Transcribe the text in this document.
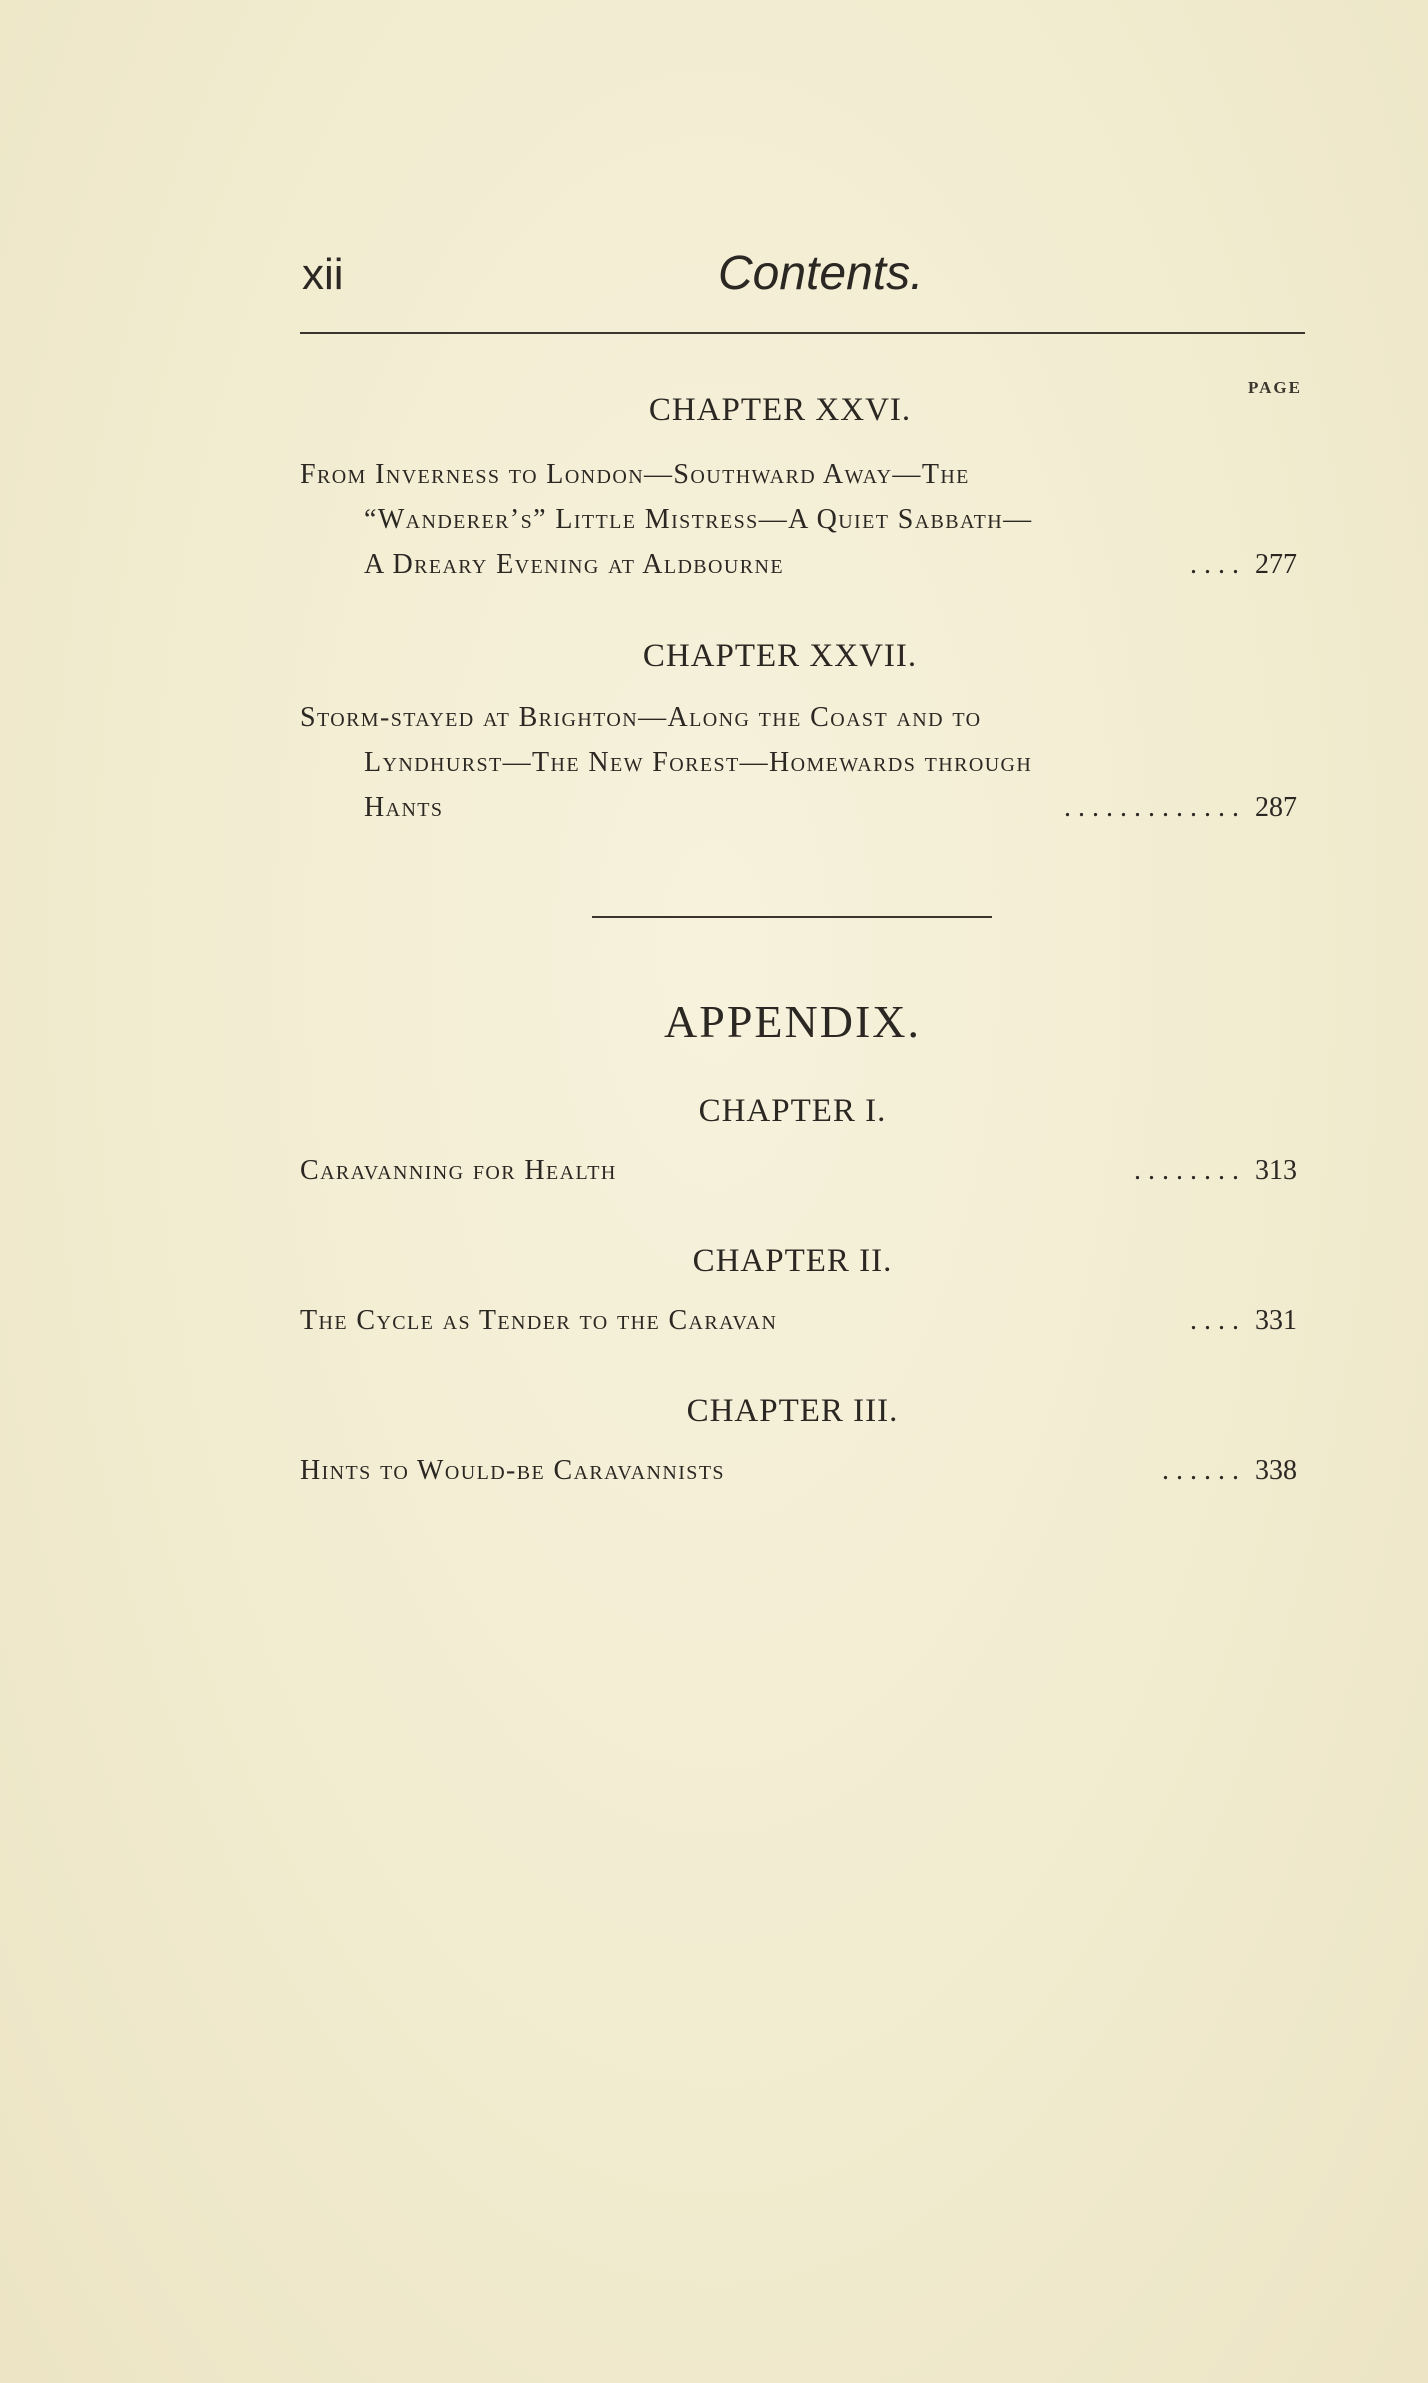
xii	Contents.
PAGE
CHAPTER XXVI.
From Inverness to London—Southward Away—The
“Wanderer’s” Little Mistress—A Quiet Sabbath—
A Dreary Evening at Aldbourne	. . . . 277
CHAPTER XXVII.
Storm-stayed at Brighton—Along the Coast and to
Lyndhurst—The New Forest—Homewards through
Hants	. . . . . . . . . . . . . 287
APPENDIX.
CHAPTER I.
Caravanning for Health	. . . . . . . . 313
CHAPTER II.
The Cycle as Tender to the Caravan	. . . . 331
CHAPTER III.
Hints to Would-be Caravannists	. . . . . . 338
